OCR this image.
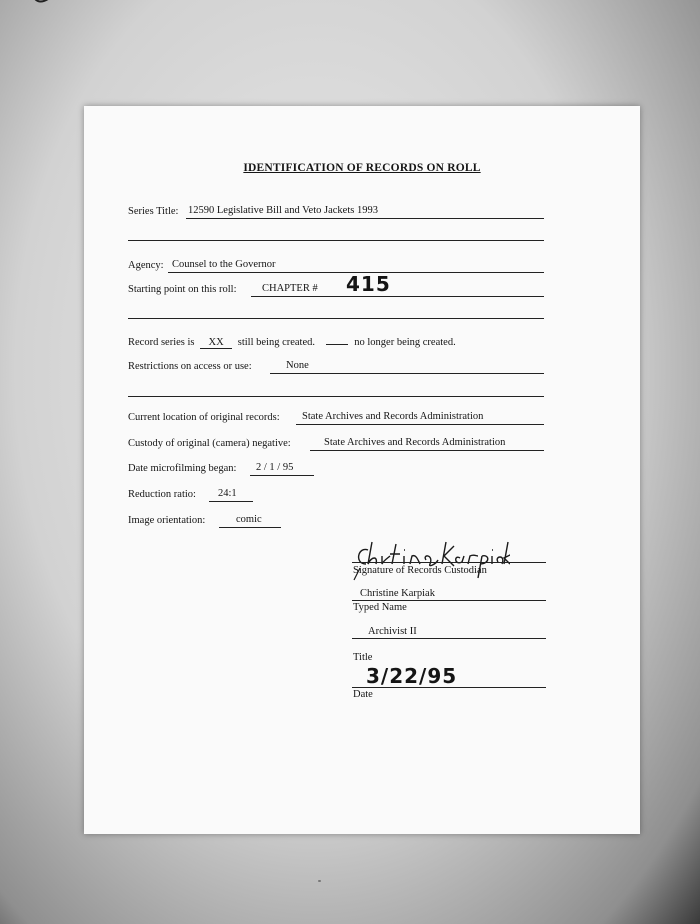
IDENTIFICATION OF RECORDS ON ROLL
Series Title: 12590 Legislative Bill and Veto Jackets 1993
Agency: Counsel to the Governor
Starting point on this roll: CHAPTER # 415
Record series is XX still being created.	no longer being created.
Restrictions on access or use:	None
Current location of original records: State Archives and Records Administration
Custody of original (camera) negative:	State Archives and Records Administration
Date microfilming began: 2 / 1 / 95
Reduction ratio: 24:1
Image orientation:	comic
Signature of Records Custodian
Christine Karpiak
Typed Name
Archivist II
Title
3/22/95
Date
